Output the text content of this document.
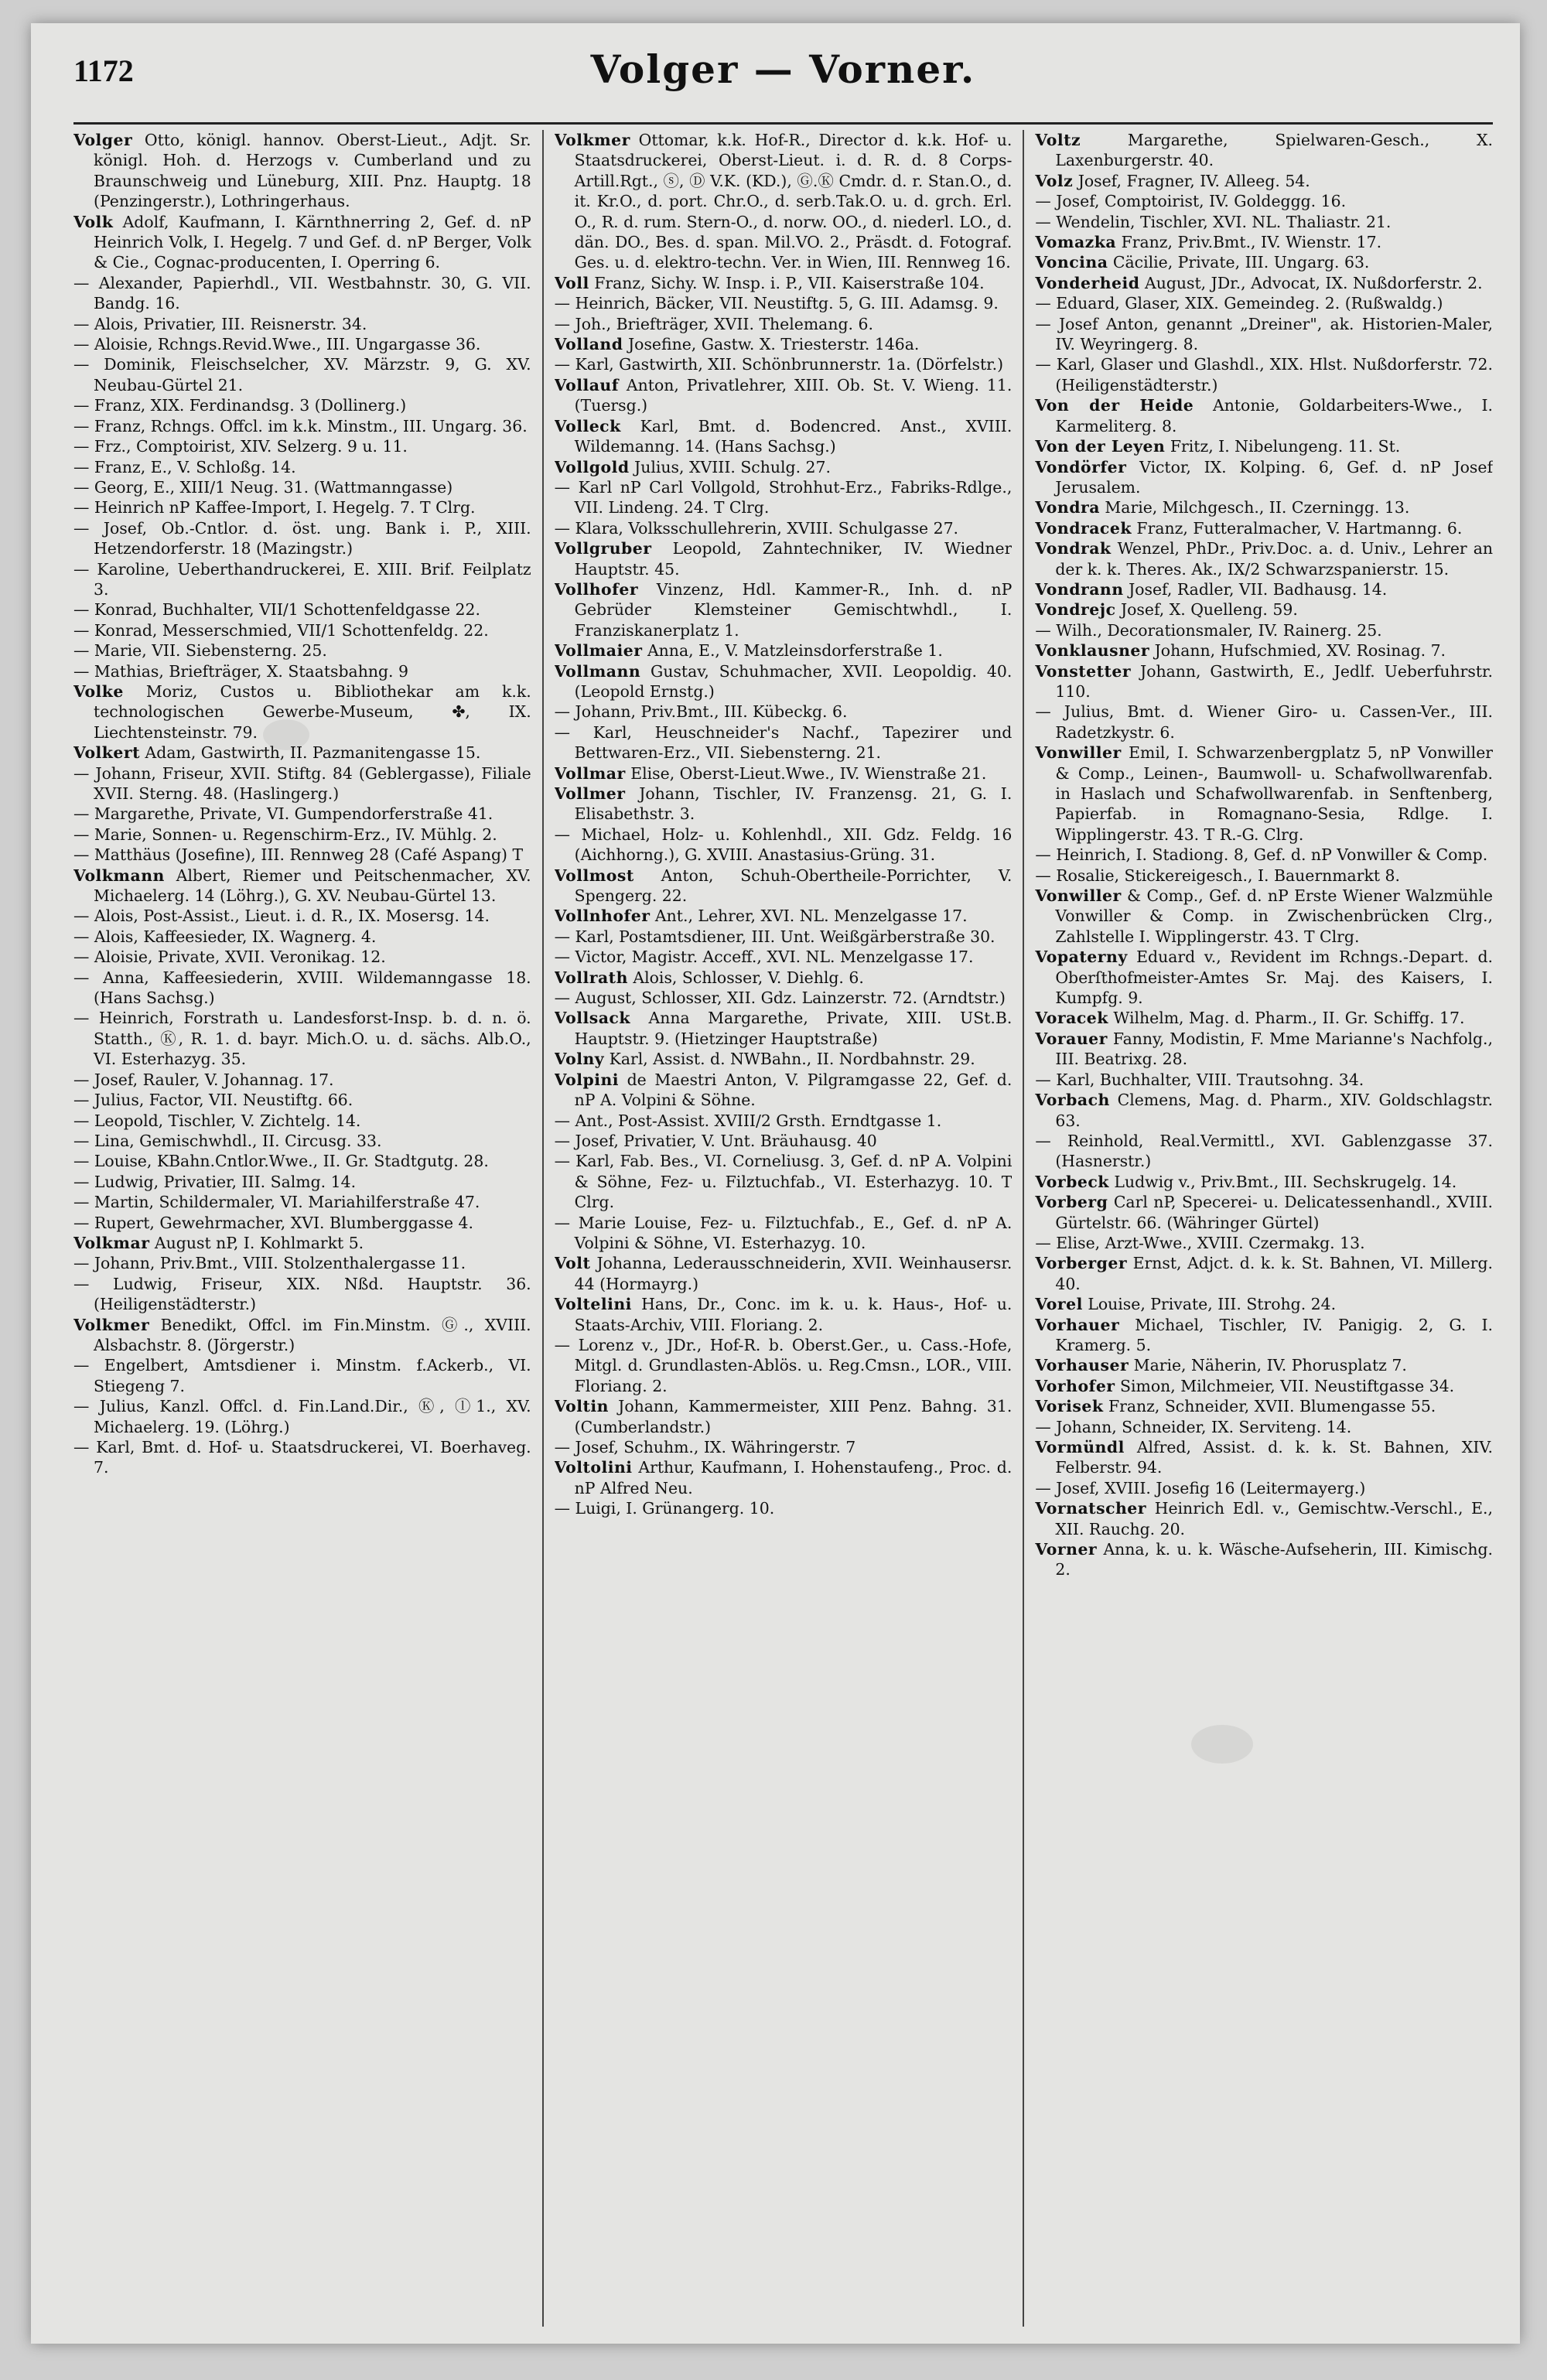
1172	Volger — Vorner.

Volger Otto, königl. hannov. Oberst-Lieut., Adjt. Sr. königl. Hoh. d. Herzogs v. Cumberland und zu Braunschweig und Lüneburg, XIII. Pnz. Hauptg. 18 (Penzingerstr.), Lothringerhaus.

Volk Adolf, Kaufmann, I. Kärnthnerring 2, Gef. d. nP Heinrich Volk, I. Hegelg. 7 und Gef. d. nP Berger, Volk & Cie., Cognac-producenten, I. Operring 6.

— Alexander, Papierhdl., VII. Westbahnstr. 30, G. VII. Bandg. 16.

— Alois, Privatier, III. Reisnerstr. 34.

— Aloisie, Rchngs.Revid.Wwe., III. Ungargasse 36.

— Dominik, Fleischselcher, XV. Märzstr. 9, G. XV. Neubau-Gürtel 21.

— Franz, XIX. Ferdinandsg. 3 (Dollinerg.)

— Franz, Rchngs. Offcl. im k.k. Minstm., III. Ungarg. 36.

— Frz., Comptoirist, XIV. Selzerg. 9 u. 11.

— Franz, E., V. Schloßg. 14.

— Georg, E., XIII/1 Neug. 31. (Wattmanngasse)

— Heinrich nP Kaffee-Import, I. Hegelg. 7. T Clrg.

— Josef, Ob.-Cntlor. d. öst. ung. Bank i. P., XIII. Hetzendorferstr. 18 (Mazingstr.)

— Karoline, Ueberthandruckerei, E. XIII. Brif. Feilplatz 3.

— Konrad, Buchhalter, VII/1 Schottenfeldgasse 22.

— Konrad, Messerschmied, VII/1 Schottenfeldg. 22.

— Marie, VII. Siebensterng. 25.

— Mathias, Briefträger, X. Staatsbahng. 9

Volke Moriz, Custos u. Bibliothekar am k.k. technologischen Gewerbe-Museum, ✤, IX. Liechtensteinstr. 79.

Volkert Adam, Gastwirth, II. Pazmanitengasse 15.

— Johann, Friseur, XVII. Stiftg. 84 (Geblergasse), Filiale XVII. Sterng. 48. (Haslingerg.)

— Margarethe, Private, VI. Gumpendorferstraße 41.

— Marie, Sonnen- u. Regenschirm-Erz., IV. Mühlg. 2.

— Matthäus (Josefine), III. Rennweg 28 (Café Aspang) T

Volkmann Albert, Riemer und Peitschenmacher, XV. Michaelerg. 14 (Löhrg.), G. XV. Neubau-Gürtel 13.

— Alois, Post-Assist., Lieut. i. d. R., IX. Mosersg. 14.

— Alois, Kaffeesieder, IX. Wagnerg. 4.

— Aloisie, Private, XVII. Veronikag. 12.

— Anna, Kaffeesiederin, XVIII. Wildemanngasse 18. (Hans Sachsg.)

— Heinrich, Forstrath u. Landesforst-Insp. b. d. n. ö. Statth., Ⓚ, R. 1. d. bayr. Mich.O. u. d. sächs. Alb.O., VI. Esterhazyg. 35.

— Josef, Rauler, V. Johannag. 17.

— Julius, Factor, VII. Neustiftg. 66.

— Leopold, Tischler, V. Zichtelg. 14.

— Lina, Gemischwhdl., II. Circusg. 33.

— Louise, KBahn.Cntlor.Wwe., II. Gr. Stadtgutg. 28.

— Ludwig, Privatier, III. Salmg. 14.

— Martin, Schildermaler, VI. Mariahilferstraße 47.

— Rupert, Gewehrmacher, XVI. Blumberggasse 4.

Volkmar August nP, I. Kohlmarkt 5.

— Johann, Priv.Bmt., VIII. Stolzenthalergasse 11.

— Ludwig, Friseur, XIX. Nßd. Hauptstr. 36. (Heiligenstädterstr.)

Volkmer Benedikt, Offcl. im Fin.Minstm. Ⓖ., XVIII. Alsbachstr. 8. (Jörgerstr.)

— Engelbert, Amtsdiener i. Minstm. f.Ackerb., VI. Stiegeng 7.

— Julius, Kanzl. Offcl. d. Fin.Land.Dir., Ⓚ, ⓛ1., XV. Michaelerg. 19. (Löhrg.)

— Karl, Bmt. d. Hof- u. Staatsdruckerei, VI. Boerhaveg. 7.

Volkmer Ottomar, k.k. Hof-R., Director d. k.k. Hof- u. Staatsdruckerei, Oberst-Lieut. i. d. R. d. 8 Corps-Artill.Rgt., ⓢ, Ⓓ V.K. (KD.), Ⓖ.Ⓚ Cmdr. d. r. Stan.O., d. it. Kr.O., d. port. Chr.O., d. serb.Tak.O. u. d. grch. Erl. O., R. d. rum. Stern-O., d. norw. OO., d. niederl. LO., d. dän. DO., Bes. d. span. Mil.VO. 2., Präsdt. d. Fotograf. Ges. u. d. elektro-techn. Ver. in Wien, III. Rennweg 16.

Voll Franz, Sichy. W. Insp. i. P., VII. Kaiserstraße 104.

— Heinrich, Bäcker, VII. Neustiftg. 5, G. III. Adamsg. 9.

— Joh., Briefträger, XVII. Thelemang. 6.

Volland Josefine, Gastw. X. Triesterstr. 146a.

— Karl, Gastwirth, XII. Schönbrunnerstr. 1a. (Dörfelstr.)

Vollauf Anton, Privatlehrer, XIII. Ob. St. V. Wieng. 11. (Tuersg.)

Volleck Karl, Bmt. d. Bodencred. Anst., XVIII. Wildemanng. 14. (Hans Sachsg.)

Vollgold Julius, XVIII. Schulg. 27.

— Karl nP Carl Vollgold, Strohhut-Erz., Fabriks-Rdlge., VII. Lindeng. 24. T Clrg.

— Klara, Volksschullehrerin, XVIII. Schulgasse 27.

Vollgruber Leopold, Zahntechniker, IV. Wiedner Hauptstr. 45.

Vollhofer Vinzenz, Hdl. Kammer-R., Inh. d. nP Gebrüder Klemsteiner Gemischtwhdl., I. Franziskanerplatz 1.

Vollmaier Anna, E., V. Matzleinsdorferstraße 1.

Vollmann Gustav, Schuhmacher, XVII. Leopoldig. 40. (Leopold Ernstg.)

— Johann, Priv.Bmt., III. Kübeckg. 6.

— Karl, Heuschneider's Nachf., Tapezirer und Bettwaren-Erz., VII. Siebensterng. 21.

Vollmar Elise, Oberst-Lieut.Wwe., IV. Wienstraße 21.

Vollmer Johann, Tischler, IV. Franzensg. 21, G. I. Elisabethstr. 3.

— Michael, Holz- u. Kohlenhdl., XII. Gdz. Feldg. 16 (Aichhorng.), G. XVIII. Anastasius-Grüng. 31.

Vollmost Anton, Schuh-Obertheile-Porrichter, V. Spengerg. 22.

Vollnhofer Ant., Lehrer, XVI. NL. Menzelgasse 17.

— Karl, Postamtsdiener, III. Unt. Weißgärberstraße 30.

— Victor, Magistr. Acceff., XVI. NL. Menzelgasse 17.

Vollrath Alois, Schlosser, V. Diehlg. 6.

— August, Schlosser, XII. Gdz. Lainzerstr. 72. (Arndtstr.)

Vollsack Anna Margarethe, Private, XIII. USt.B. Hauptstr. 9. (Hietzinger Hauptstraße)

Volny Karl, Assist. d. NWBahn., II. Nordbahnstr. 29.

Volpini de Maestri Anton, V. Pilgramgasse 22, Gef. d. nP A. Volpini & Söhne.

— Ant., Post-Assist. XVIII/2 Grsth. Erndtgasse 1.

— Josef, Privatier, V. Unt. Bräuhausg. 40

— Karl, Fab. Bes., VI. Corneliusg. 3, Gef. d. nP A. Volpini & Söhne, Fez- u. Filztuchfab., VI. Esterhazyg. 10. T Clrg.

— Marie Louise, Fez- u. Filztuchfab., E., Gef. d. nP A. Volpini & Söhne, VI. Esterhazyg. 10.

Volt Johanna, Lederausschneiderin, XVII. Weinhausersr. 44 (Hormayrg.)

Voltelini Hans, Dr., Conc. im k. u. k. Haus-, Hof- u. Staats-Archiv, VIII. Floriang. 2.

— Lorenz v., JDr., Hof-R. b. Oberst.Ger., u. Cass.-Hofe, Mitgl. d. Grundlasten-Ablös. u. Reg.Cmsn., LOR., VIII. Floriang. 2.

Voltin Johann, Kammermeister, XIII Penz. Bahng. 31. (Cumberlandstr.)

— Josef, Schuhm., IX. Währingerstr. 7

Voltolini Arthur, Kaufmann, I. Hohenstaufeng., Proc. d. nP Alfred Neu.

— Luigi, I. Grünangerg. 10.

Voltz Margarethe, Spielwaren-Gesch., X. Laxenburgerstr. 40.

Volz Josef, Fragner, IV. Alleeg. 54.

— Josef, Comptoirist, IV. Goldeggg. 16.

— Wendelin, Tischler, XVI. NL. Thaliastr. 21.

Vomazka Franz, Priv.Bmt., IV. Wienstr. 17.

Voncina Cäcilie, Private, III. Ungarg. 63.

Vonderheid August, JDr., Advocat, IX. Nußdorferstr. 2.

— Eduard, Glaser, XIX. Gemeindeg. 2. (Rußwaldg.)

— Josef Anton, genannt „Dreiner", ak. Historien-Maler, IV. Weyringerg. 8.

— Karl, Glaser und Glashdl., XIX. Hlst. Nußdorferstr. 72. (Heiligenstädterstr.)

Von der Heide Antonie, Goldarbeiters-Wwe., I. Karmeliterg. 8.

Von der Leyen Fritz, I. Nibelungeng. 11. St.

Vondörfer Victor, IX. Kolping. 6, Gef. d. nP Josef Jerusalem.

Vondra Marie, Milchgesch., II. Czerningg. 13.

Vondracek Franz, Futteralmacher, V. Hartmanng. 6.

Vondrak Wenzel, PhDr., Priv.Doc. a. d. Univ., Lehrer an der k. k. Theres. Ak., IX/2 Schwarzspanierstr. 15.

Vondrann Josef, Radler, VII. Badhausg. 14.

Vondrejc Josef, X. Quelleng. 59.

— Wilh., Decorationsmaler, IV. Rainerg. 25.

Vonklausner Johann, Hufschmied, XV. Rosinag. 7.

Vonstetter Johann, Gastwirth, E., Jedlf. Ueberfuhrstr. 110.

— Julius, Bmt. d. Wiener Giro- u. Cassen-Ver., III. Radetzkystr. 6.

Vonwiller Emil, I. Schwarzenbergplatz 5, nP Vonwiller & Comp., Leinen-, Baumwoll- u. Schafwollwarenfab. in Haslach und Schafwollwarenfab. in Senftenberg, Papierfab. in Romagnano-Sesia, Rdlge. I. Wipplingerstr. 43. T R.-G. Clrg.

— Heinrich, I. Stadiong. 8, Gef. d. nP Vonwiller & Comp.

— Rosalie, Stickereigesch., I. Bauernmarkt 8.

Vonwiller & Comp., Gef. d. nP Erste Wiener Walzmühle Vonwiller & Comp. in Zwischenbrücken Clrg., Zahlstelle I. Wipplingerstr. 43. T Clrg.

Vopaterny Eduard v., Revident im Rchngs.-Depart. d. Oberſthofmeister-Amtes Sr. Maj. des Kaisers, I. Kumpfg. 9.

Voracek Wilhelm, Mag. d. Pharm., II. Gr. Schiffg. 17.

Vorauer Fanny, Modistin, F. Mme Marianne's Nachfolg., III. Beatrixg. 28.

— Karl, Buchhalter, VIII. Trautsohng. 34.

Vorbach Clemens, Mag. d. Pharm., XIV. Goldschlagstr. 63.

— Reinhold, Real.Vermittl., XVI. Gablenzgasse 37. (Hasnerstr.)

Vorbeck Ludwig v., Priv.Bmt., III. Sechskrugelg. 14.

Vorberg Carl nP, Specerei- u. Delicatessenhandl., XVIII. Gürtelstr. 66. (Währinger Gürtel)

— Elise, Arzt-Wwe., XVIII. Czermakg. 13.

Vorberger Ernst, Adjct. d. k. k. St. Bahnen, VI. Millerg. 40.

Vorel Louise, Private, III. Strohg. 24.

Vorhauer Michael, Tischler, IV. Panigig. 2, G. I. Kramerg. 5.

Vorhauser Marie, Näherin, IV. Phorusplatz 7.

Vorhofer Simon, Milchmeier, VII. Neustiftgasse 34.

Vorisek Franz, Schneider, XVII. Blumengasse 55.

— Johann, Schneider, IX. Serviteng. 14.

Vormündl Alfred, Assist. d. k. k. St. Bahnen, XIV. Felberstr. 94.

— Josef, XVIII. Josefig 16 (Leitermayerg.)

Vornatscher Heinrich Edl. v., Gemischtw.-Verschl., E., XII. Rauchg. 20.

Vorner Anna, k. u. k. Wäsche-Aufseherin, III. Kimischg. 2.
